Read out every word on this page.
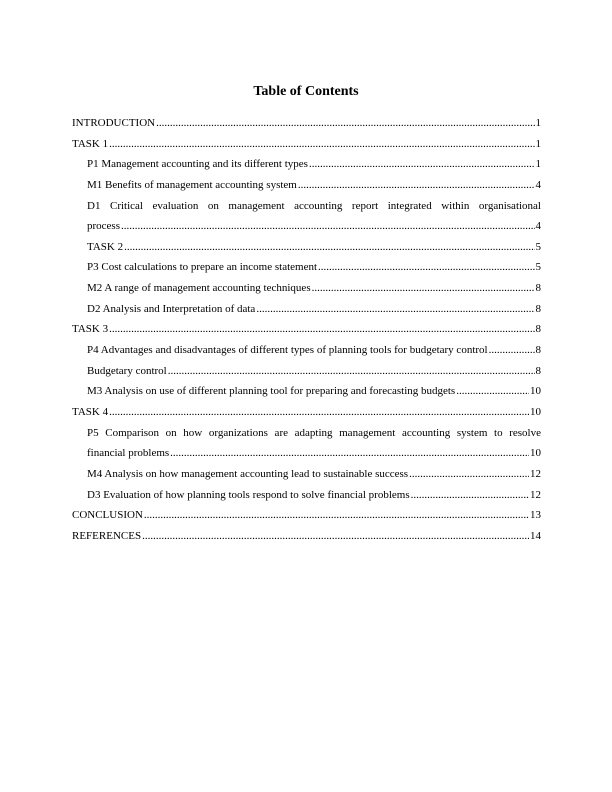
Table of Contents
INTRODUCTION .....	1
TASK 1 .....	1
P1 Management accounting and its different types .....	1
M1 Benefits of management accounting system .....	4
D1 Critical evaluation on management accounting report integrated within organisational
process .....	4
TASK 2 .....	5
P3 Cost calculations to prepare an income statement .....	5
M2 A range of management accounting techniques .....	8
D2 Analysis and Interpretation of data .....	8
TASK 3 .....	8
P4 Advantages and disadvantages of different types of planning tools for budgetary control .....	8
Budgetary control .....	8
M3 Analysis on use of different planning tool for preparing and forecasting budgets .....	10
TASK 4 .....	10
P5 Comparison on how organizations are adapting management accounting system to resolve
financial problems .....	10
M4 Analysis on how management accounting lead to sustainable success .....	12
D3 Evaluation of how planning tools respond to solve financial problems .....	12
CONCLUSION .....	13
REFERENCES .....	14
